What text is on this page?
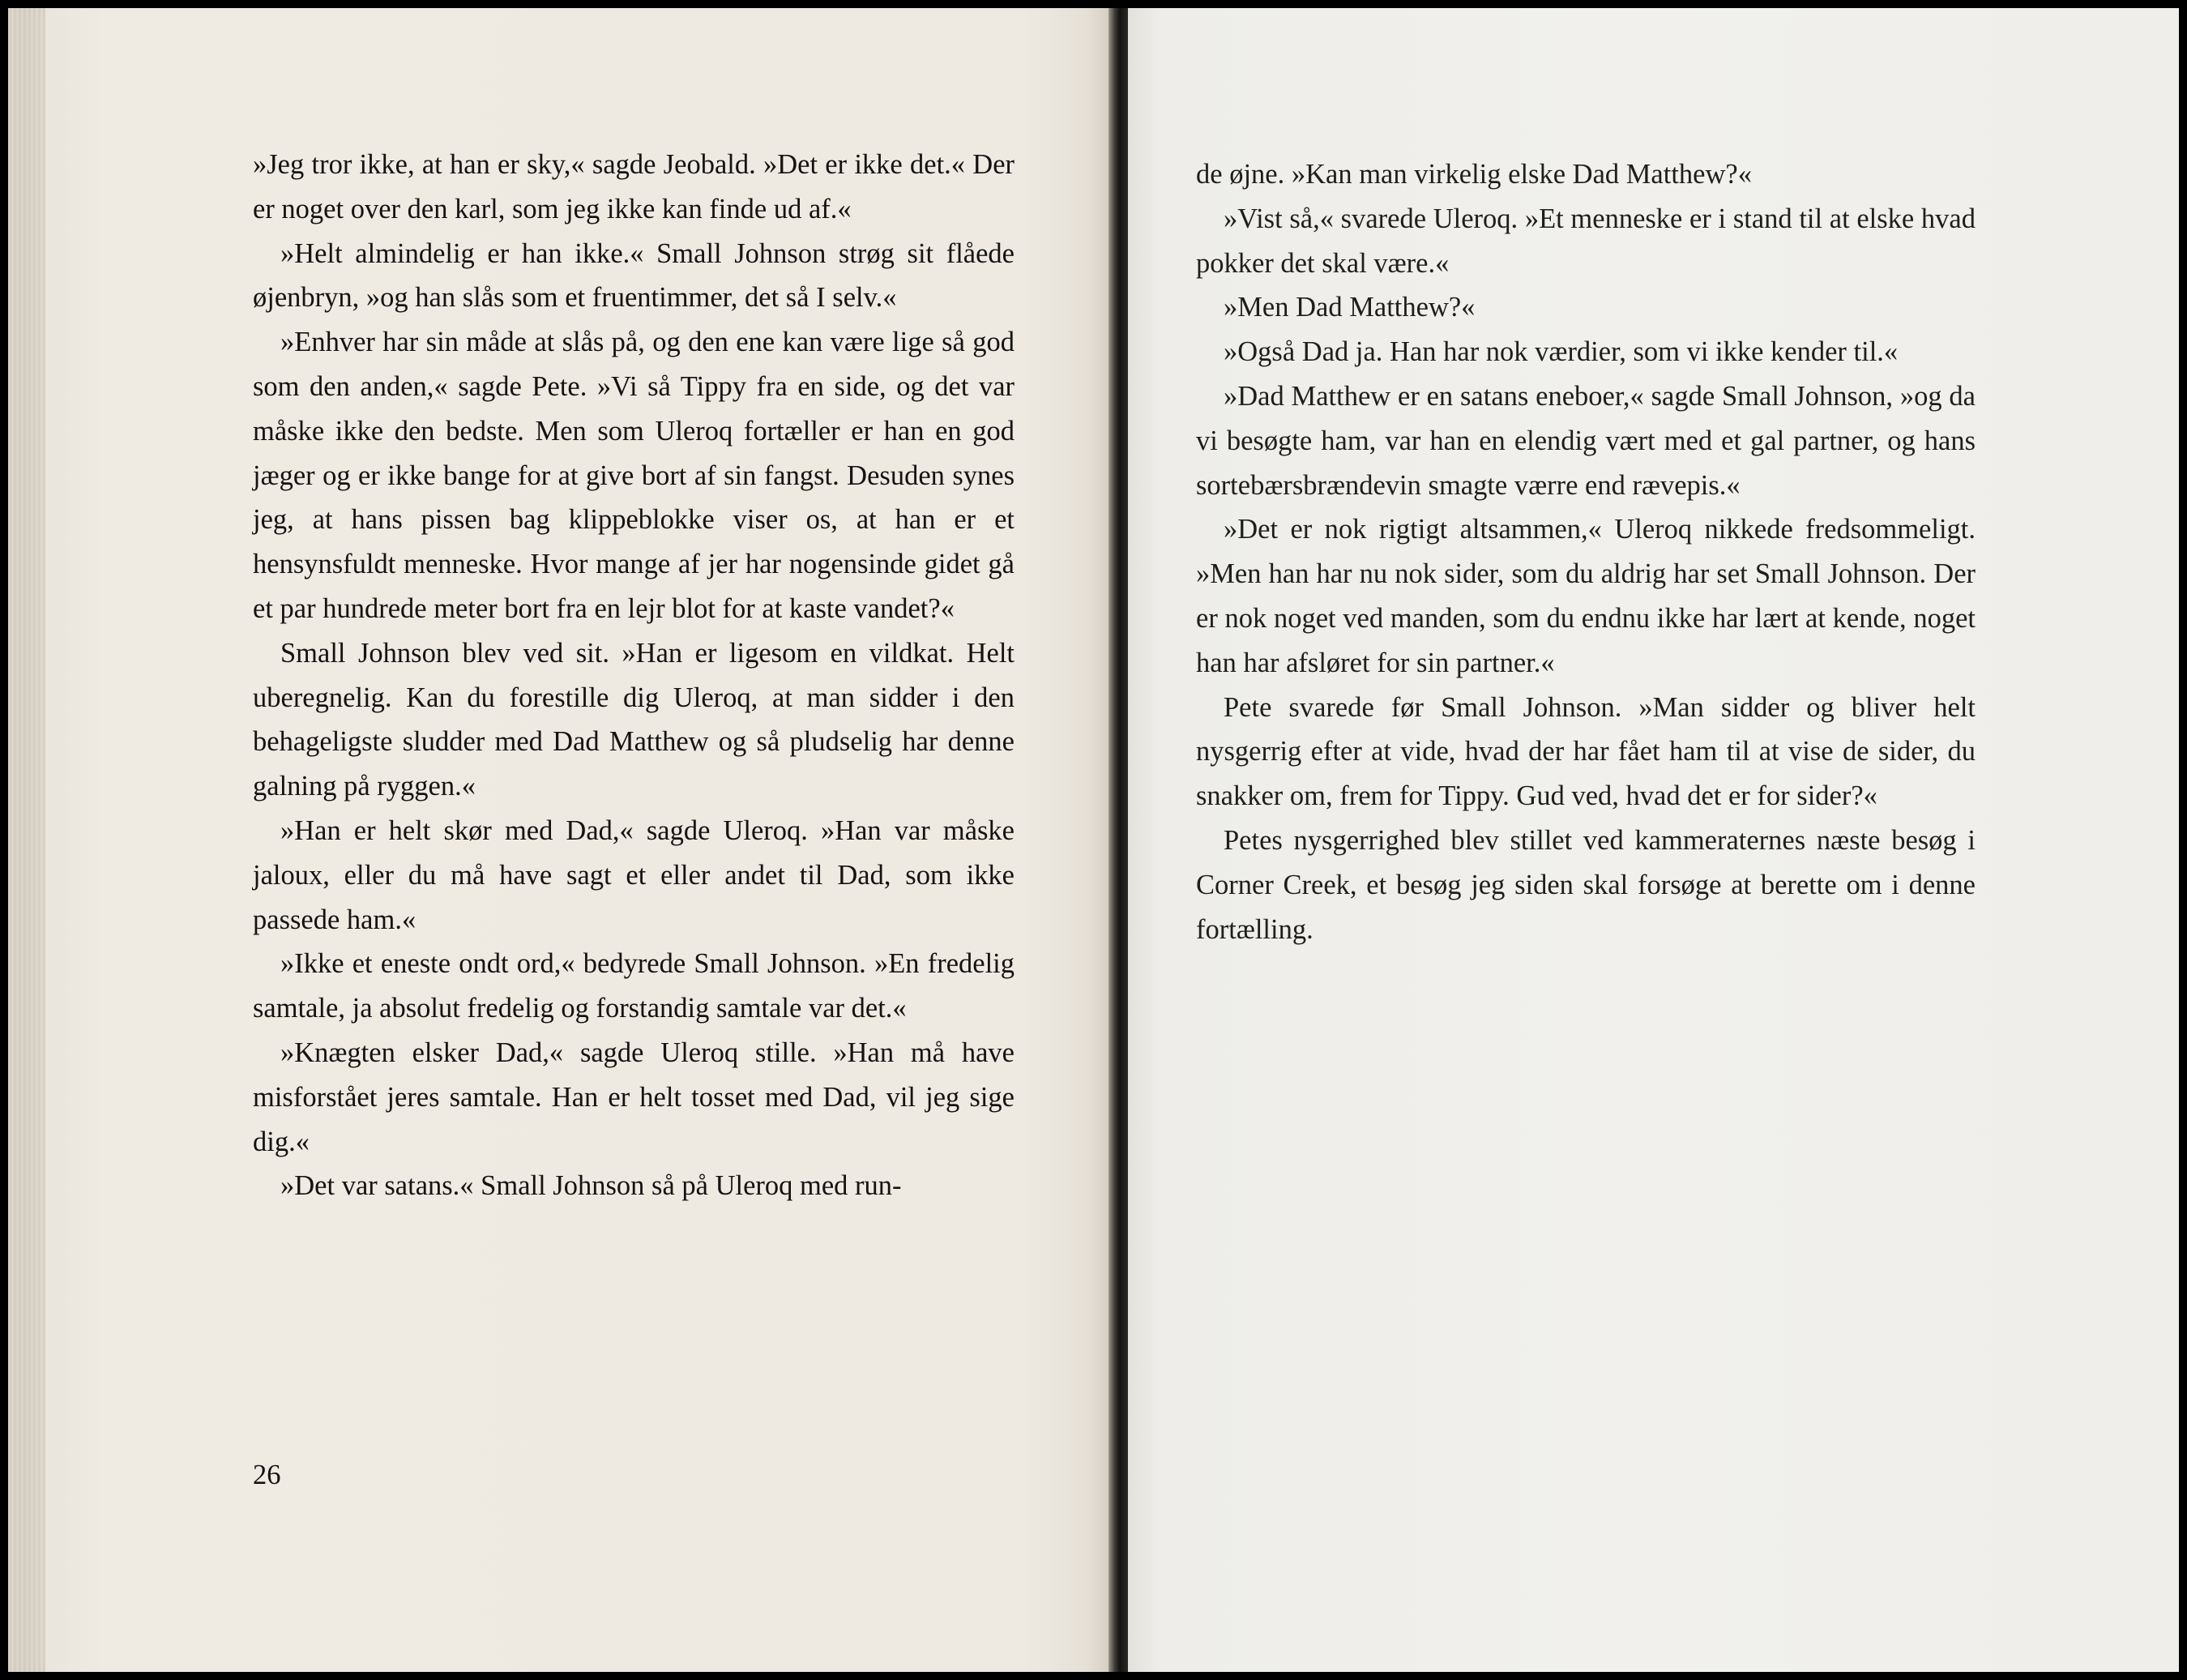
»Jeg tror ikke, at han er sky,« sagde Jeobald. »Det er ikke det.« Der er noget over den karl, som jeg ikke kan finde ud af.«

»Helt almindelig er han ikke.« Small Johnson strøg sit flåede øjenbryn, »og han slås som et fruentimmer, det så I selv.«

»Enhver har sin måde at slås på, og den ene kan være lige så god som den anden,« sagde Pete. »Vi så Tippy fra en side, og det var måske ikke den bedste. Men som Uleroq fortæller er han en god jæger og er ikke bange for at give bort af sin fangst. Desuden synes jeg, at hans pissen bag klippeblokke viser os, at han er et hensynsfuldt menneske. Hvor mange af jer har nogensinde gidet gå et par hundrede meter bort fra en lejr blot for at kaste vandet?«

Small Johnson blev ved sit. »Han er ligesom en vildkat. Helt uberegnelig. Kan du forestille dig Uleroq, at man sidder i den behageligste sludder med Dad Matthew og så pludselig har denne galning på ryggen.«

»Han er helt skør med Dad,« sagde Uleroq. »Han var måske jaloux, eller du må have sagt et eller andet til Dad, som ikke passede ham.«

»Ikke et eneste ondt ord,« bedyrede Small Johnson. »En fredelig samtale, ja absolut fredelig og forstandig samtale var det.«

»Knægten elsker Dad,« sagde Uleroq stille. »Han må have misforstået jeres samtale. Han er helt tosset med Dad, vil jeg sige dig.«

»Det var satans.« Small Johnson så på Uleroq med run-

26

de øjne. »Kan man virkelig elske Dad Matthew?«

»Vist så,« svarede Uleroq. »Et menneske er i stand til at elske hvad pokker det skal være.«

»Men Dad Matthew?«

»Også Dad ja. Han har nok værdier, som vi ikke kender til.«

»Dad Matthew er en satans eneboer,« sagde Small Johnson, »og da vi besøgte ham, var han en elendig vært med et gal partner, og hans sortebærsbrændevin smagte værre end rævepis.«

»Det er nok rigtigt altsammen,« Uleroq nikkede fredsommeligt. »Men han har nu nok sider, som du aldrig har set Small Johnson. Der er nok noget ved manden, som du endnu ikke har lært at kende, noget han har afsløret for sin partner.«

Pete svarede før Small Johnson. »Man sidder og bliver helt nysgerrig efter at vide, hvad der har fået ham til at vise de sider, du snakker om, frem for Tippy. Gud ved, hvad det er for sider?«

Petes nysgerrighed blev stillet ved kammeraternes næste besøg i Corner Creek, et besøg jeg siden skal forsøge at berette om i denne fortælling.
